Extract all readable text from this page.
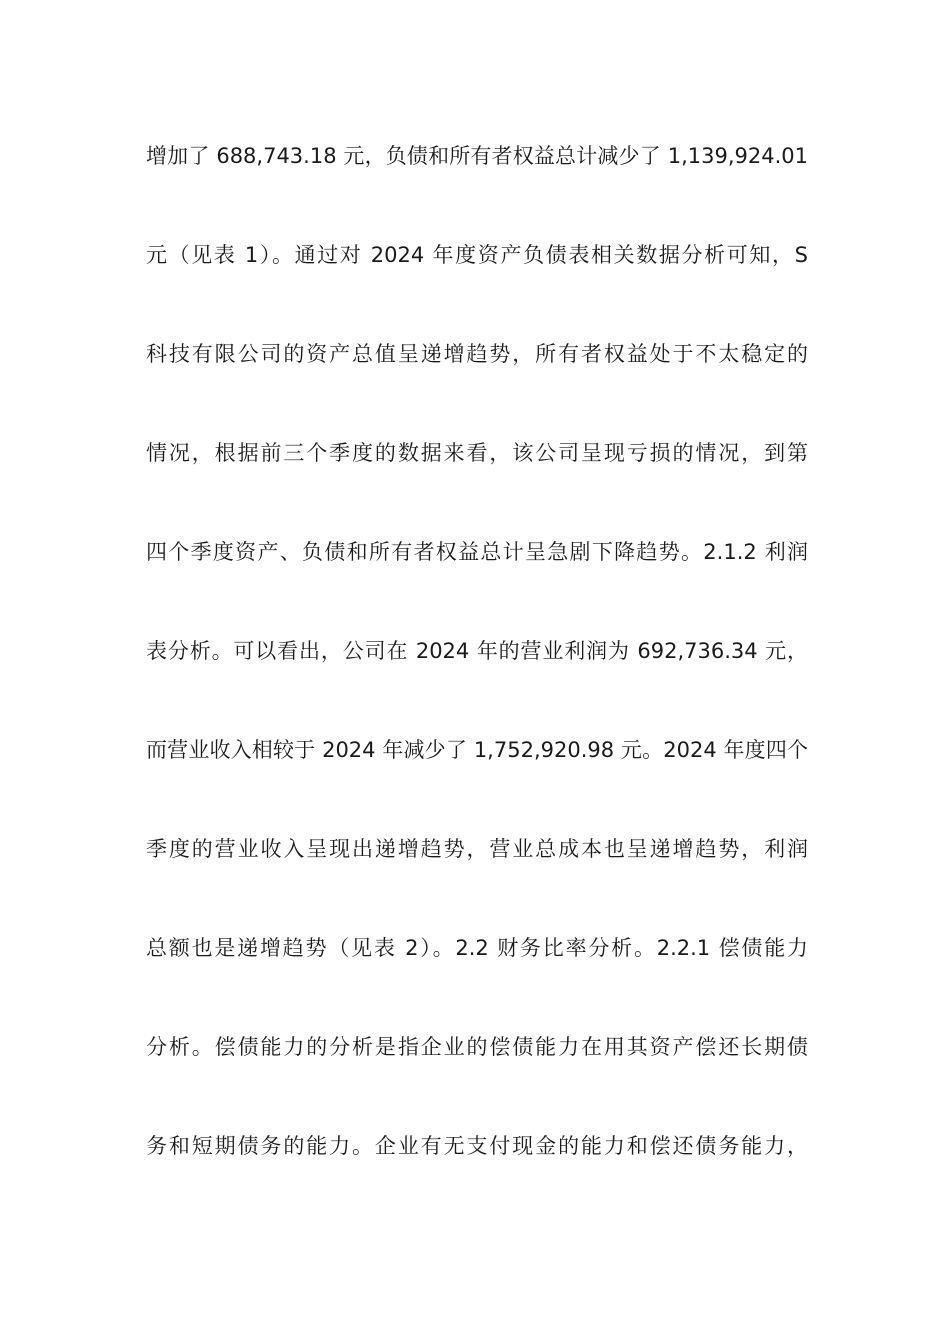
增加了 688,743.18 元，负债和所有者权益总计减少了 1,139,924.01
元（见表 1）。通过对 2024 年度资产负债表相关数据分析可知，S
科技有限公司的资产总值呈递增趋势，所有者权益处于不太稳定的
情况，根据前三个季度的数据来看，该公司呈现亏损的情况，到第
四个季度资产、负债和所有者权益总计呈急剧下降趋势。2.1.2 利润
表分析。可以看出，公司在 2024 年的营业利润为 692,736.34 元，
而营业收入相较于 2024 年减少了 1,752,920.98 元。2024 年度四个
季度的营业收入呈现出递增趋势，营业总成本也呈递增趋势，利润
总额也是递增趋势（见表 2）。2.2 财务比率分析。2.2.1 偿债能力
分析。偿债能力的分析是指企业的偿债能力在用其资产偿还长期债
务和短期债务的能力。企业有无支付现金的能力和偿还债务能力，
